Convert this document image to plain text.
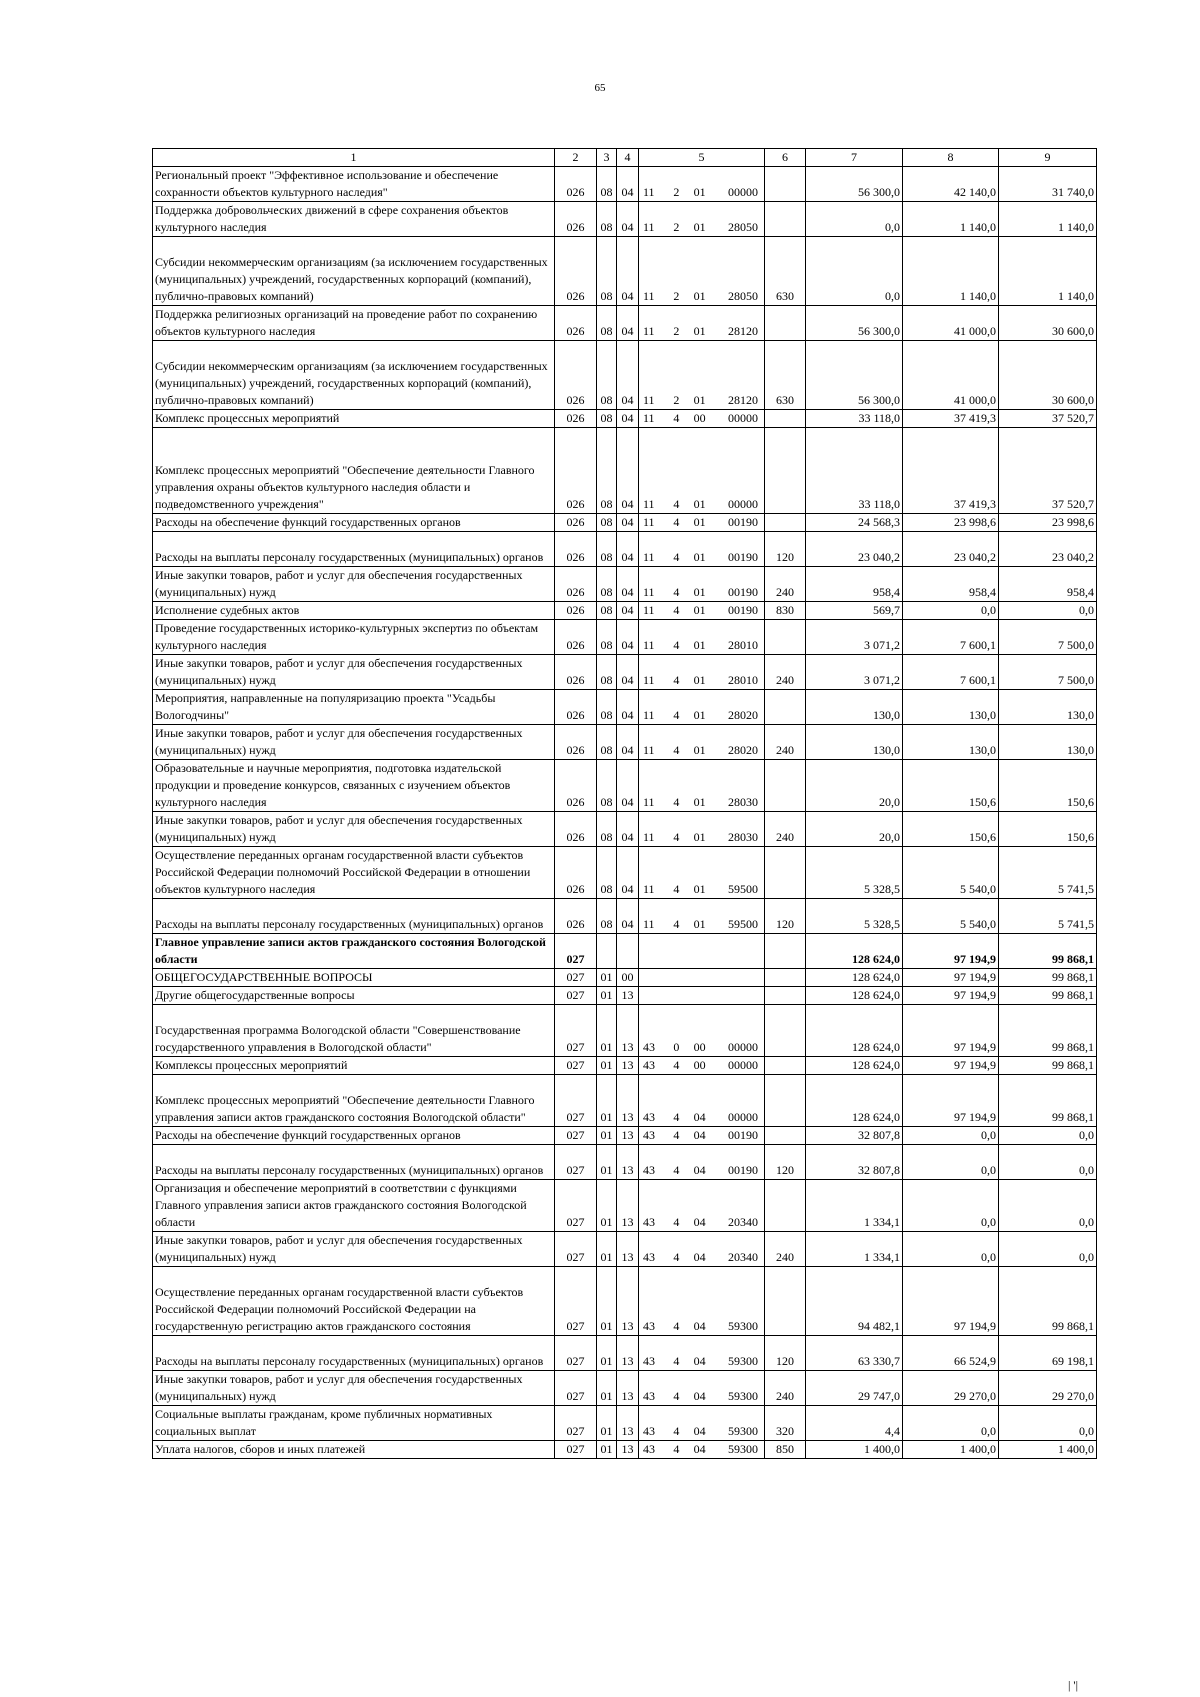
65
1	2	3	4	5	6	7	8	9
Региональный проект "Эффективное использование и обеспечение сохранности объектов культурного наследия"	026	08	04	11 2 01 00000		56 300,0	42 140,0	31 740,0
Поддержка добровольческих движений в сфере сохранения объектов культурного наследия	026	08	04	11 2 01 28050		0,0	1 140,0	1 140,0
Субсидии некоммерческим организациям (за исключением государственных (муниципальных) учреждений, государственных корпораций (компаний), публично-правовых компаний)	026	08	04	11 2 01 28050	630	0,0	1 140,0	1 140,0
Поддержка религиозных организаций на проведение работ по сохранению объектов культурного наследия	026	08	04	11 2 01 28120		56 300,0	41 000,0	30 600,0
Субсидии некоммерческим организациям (за исключением государственных (муниципальных) учреждений, государственных корпораций (компаний), публично-правовых компаний)	026	08	04	11 2 01 28120	630	56 300,0	41 000,0	30 600,0
Комплекс процессных мероприятий	026	08	04	11 4 00 00000		33 118,0	37 419,3	37 520,7
Комплекс процессных мероприятий "Обеспечение деятельности Главного управления охраны объектов культурного наследия области и подведомственного учреждения"	026	08	04	11 4 01 00000		33 118,0	37 419,3	37 520,7
Расходы на обеспечение функций государственных органов	026	08	04	11 4 01 00190		24 568,3	23 998,6	23 998,6
Расходы на выплаты персоналу государственных (муниципальных) органов	026	08	04	11 4 01 00190	120	23 040,2	23 040,2	23 040,2
Иные закупки товаров, работ и услуг для обеспечения государственных (муниципальных) нужд	026	08	04	11 4 01 00190	240	958,4	958,4	958,4
Исполнение судебных актов	026	08	04	11 4 01 00190	830	569,7	0,0	0,0
Проведение государственных историко-культурных экспертиз по объектам культурного наследия	026	08	04	11 4 01 28010		3 071,2	7 600,1	7 500,0
Иные закупки товаров, работ и услуг для обеспечения государственных (муниципальных) нужд	026	08	04	11 4 01 28010	240	3 071,2	7 600,1	7 500,0
Мероприятия, направленные на популяризацию проекта "Усадьбы Вологодчины"	026	08	04	11 4 01 28020		130,0	130,0	130,0
Иные закупки товаров, работ и услуг для обеспечения государственных (муниципальных) нужд	026	08	04	11 4 01 28020	240	130,0	130,0	130,0
Образовательные и научные мероприятия, подготовка издательской продукции и проведение конкурсов, связанных с изучением объектов культурного наследия	026	08	04	11 4 01 28030		20,0	150,6	150,6
Иные закупки товаров, работ и услуг для обеспечения государственных (муниципальных) нужд	026	08	04	11 4 01 28030	240	20,0	150,6	150,6
Осуществление переданных органам государственной власти субъектов Российской Федерации полномочий Российской Федерации в отношении объектов культурного наследия	026	08	04	11 4 01 59500		5 328,5	5 540,0	5 741,5
Расходы на выплаты персоналу государственных (муниципальных) органов	026	08	04	11 4 01 59500	120	5 328,5	5 540,0	5 741,5
Главное управление записи актов гражданского состояния Вологодской области	027					128 624,0	97 194,9	99 868,1
ОБЩЕГОСУДАРСТВЕННЫЕ ВОПРОСЫ	027	01	00			128 624,0	97 194,9	99 868,1
Другие общегосударственные вопросы	027	01	13			128 624,0	97 194,9	99 868,1
Государственная программа Вологодской области "Совершенствование государственного управления в Вологодской области"	027	01	13	43 0 00 00000		128 624,0	97 194,9	99 868,1
Комплексы процессных мероприятий	027	01	13	43 4 00 00000		128 624,0	97 194,9	99 868,1
Комплекс процессных мероприятий "Обеспечение деятельности Главного управления записи актов гражданского состояния Вологодской области"	027	01	13	43 4 04 00000		128 624,0	97 194,9	99 868,1
Расходы на обеспечение функций государственных органов	027	01	13	43 4 04 00190		32 807,8	0,0	0,0
Расходы на выплаты персоналу государственных (муниципальных) органов	027	01	13	43 4 04 00190	120	32 807,8	0,0	0,0
Организация и обеспечение мероприятий в соответствии с функциями Главного управления записи актов гражданского состояния Вологодской области	027	01	13	43 4 04 20340		1 334,1	0,0	0,0
Иные закупки товаров, работ и услуг для обеспечения государственных (муниципальных) нужд	027	01	13	43 4 04 20340	240	1 334,1	0,0	0,0
Осуществление переданных органам государственной власти субъектов Российской Федерации полномочий Российской Федерации на государственную регистрацию актов гражданского состояния	027	01	13	43 4 04 59300		94 482,1	97 194,9	99 868,1
Расходы на выплаты персоналу государственных (муниципальных) органов	027	01	13	43 4 04 59300	120	63 330,7	66 524,9	69 198,1
Иные закупки товаров, работ и услуг для обеспечения государственных (муниципальных) нужд	027	01	13	43 4 04 59300	240	29 747,0	29 270,0	29 270,0
Социальные выплаты гражданам, кроме публичных нормативных социальных выплат	027	01	13	43 4 04 59300	320	4,4	0,0	0,0
Уплата налогов, сборов и иных платежей	027	01	13	43 4 04 59300	850	1 400,0	1 400,0	1 400,0
| '|
